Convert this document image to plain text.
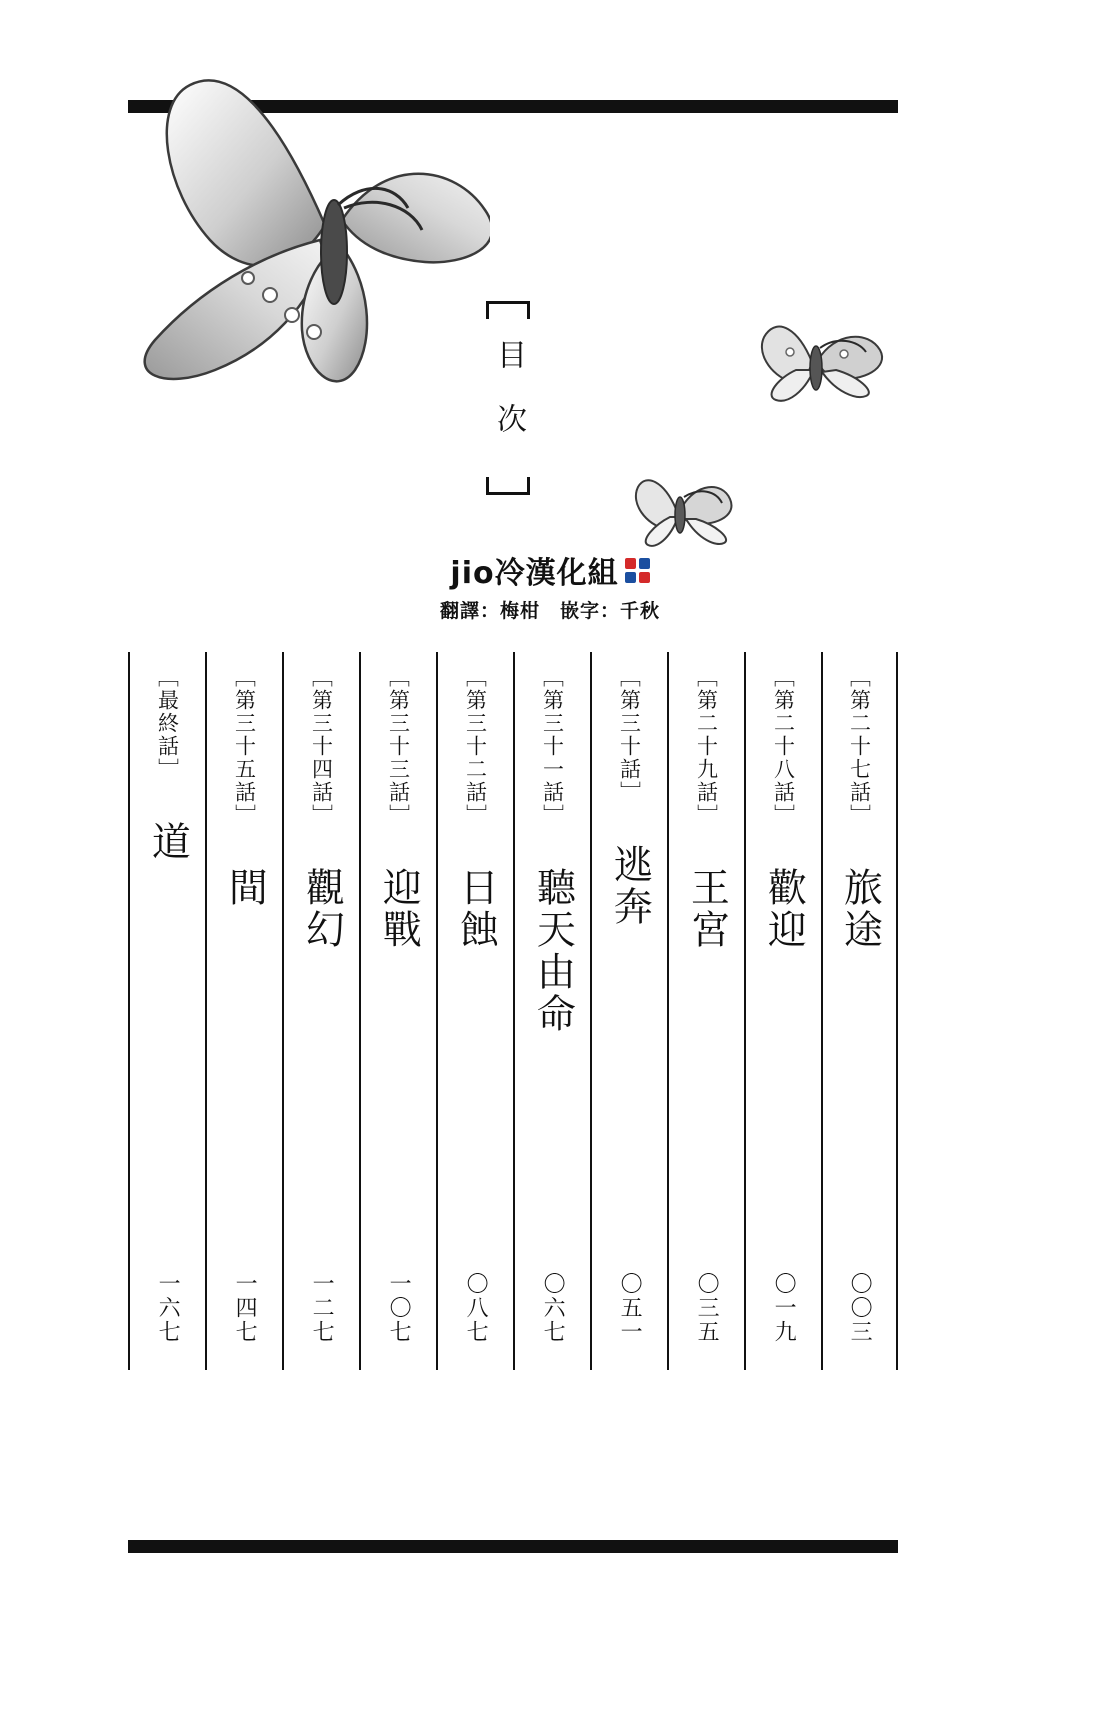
目次
jio冷漢化組
翻譯：梅柑　嵌字：千秋
［第二十七話］
旅途
〇〇三
［第二十八話］
歡迎
〇一九
［第二十九話］
王宮
〇三五
［第三十話］
逃奔
〇五一
［第三十一話］
聽天由命
〇六七
［第三十二話］
日蝕
〇八七
［第三十三話］
迎戰
一〇七
［第三十四話］
觀幻
一二七
［第三十五話］
間
一四七
［最終話］
道
一六七
